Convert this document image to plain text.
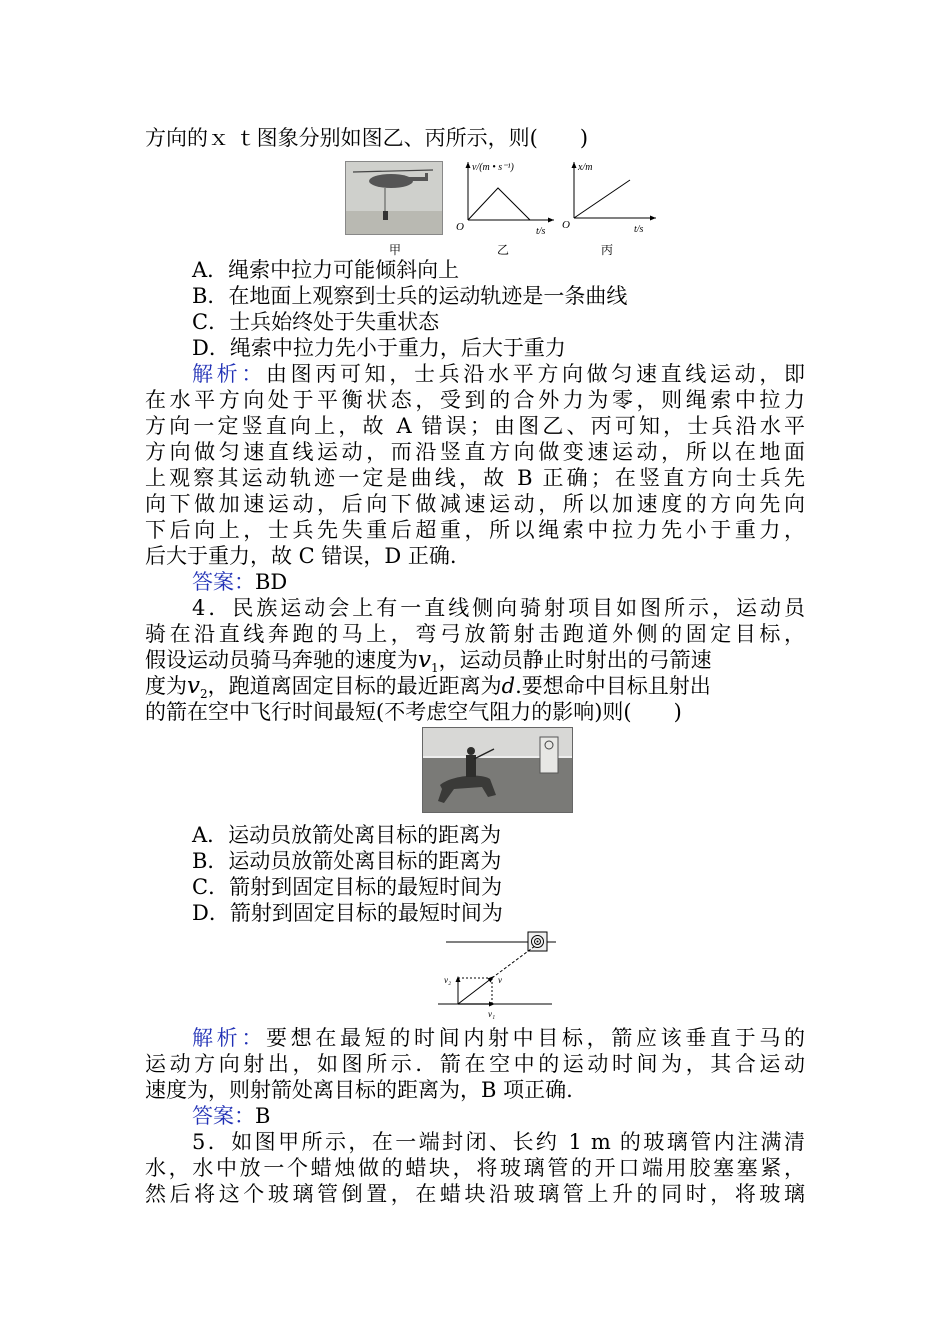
方向的ｘ ｔ图象分别如图乙、丙所示，则(　　)
甲
v/(m • s⁻¹)
O	t/s
乙
x/m
O	t/s
丙
A．绳索中拉力可能倾斜向上
B．在地面上观察到士兵的运动轨迹是一条曲线
C．士兵始终处于失重状态
D．绳索中拉力先小于重力，后大于重力
解析：由图丙可知，士兵沿水平方向做匀速直线运动，即
在水平方向处于平衡状态，受到的合外力为零，则绳索中拉力
方向一定竖直向上，故 A 错误；由图乙、丙可知，士兵沿水平
方向做匀速直线运动，而沿竖直方向做变速运动，所以在地面
上观察其运动轨迹一定是曲线，故 B 正确；在竖直方向士兵先
向下做加速运动，后向下做减速运动，所以加速度的方向先向
下后向上，士兵先失重后超重，所以绳索中拉力先小于重力，
后大于重力，故 C 错误，D 正确.
答案：BD
4．民族运动会上有一直线侧向骑射项目如图所示，运动员
骑在沿直线奔跑的马上，弯弓放箭射击跑道外侧的固定目标，
假设运动员骑马奔驰的速度为$v_1$，运动员静止时射出的弓箭速
度为$v_2$，跑道离固定目标的最近距离为d.要想命中目标且射出
的箭在空中飞行时间最短(不考虑空气阻力的影响)则(　　)
A．运动员放箭处离目标的距离为
B．运动员放箭处离目标的距离为
C．箭射到固定目标的最短时间为
D．箭射到固定目标的最短时间为
v₂	v
v₁
解析：要想在最短的时间内射中目标，箭应该垂直于马的
运动方向射出，如图所示．箭在空中的运动时间为，其合运动
速度为，则射箭处离目标的距离为，B 项正确.
答案：B
5．如图甲所示，在一端封闭、长约 1 m 的玻璃管内注满清
水，水中放一个蜡烛做的蜡块，将玻璃管的开口端用胶塞塞紧，
然后将这个玻璃管倒置，在蜡块沿玻璃管上升的同时，将玻璃
